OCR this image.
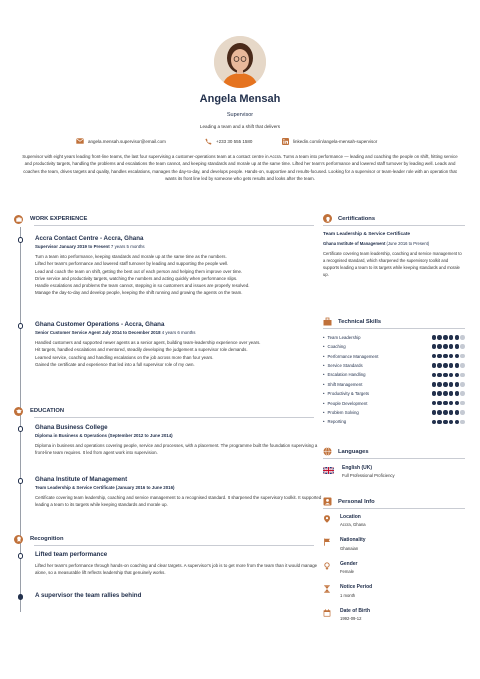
Angela Mensah
Supervisor
Leading a team and a shift that delivers
angela.mensah.supervisor@email.com	+233 30 555 1580	linkedin.com/in/angela-mensah-supervisor
Supervisor with eight years leading front-line teams, the last four supervising a customer-operations team at a contact centre in Accra. Turns a team into performance — leading and coaching the people on shift, hitting service and productivity targets, handling the problems and escalations the team cannot, and keeping standards and morale up at the same time. Lifted her team's performance and lowered staff turnover by leading well. Leads and coaches the team, drives targets and quality, handles escalations, manages the day-to-day, and develops people. Hands-on, supportive and results-focused. Looking for a supervisor or team-leader role with an operation that wants its front line led by someone who gets results and looks after the team.
WORK EXPERIENCE
Accra Contact Centre - Accra, Ghana
Supervisor January 2019 to Present 7 years 5 months
Turn a team into performance, keeping standards and morale up at the same time as the numbers.
Lifted her team's performance and lowered staff turnover by leading and supporting the people well.
Lead and coach the team on shift, getting the best out of each person and helping them improve over time.
Drive service and productivity targets, watching the numbers and acting quickly when performance slips.
Handle escalations and problems the team cannot, stepping in so customers and issues are properly resolved.
Manage the day-to-day and develop people, keeping the shift running and growing the agents on the team.
Ghana Customer Operations - Accra, Ghana
Senior Customer Service Agent July 2014 to December 2018 4 years 6 months
Handled customers and supported newer agents as a senior agent, building team-leadership experience over years.
Hit targets, handled escalations and mentored, steadily developing the judgement a supervisor role demands.
Learned service, coaching and handling escalations on the job across more than four years.
Gained the certificate and experience that led into a full supervisor role of my own.
EDUCATION
Ghana Business College
Diploma in Business & Operations (September 2012 to June 2014)
Diploma in business and operations covering people, service and processes, with a placement. The programme built the foundation supervising a front-line team requires. It led from agent work into supervision.
Ghana Institute of Management
Team Leadership & Service Certificate (January 2016 to June 2016)
Certificate covering team leadership, coaching and service management to a recognised standard. It sharpened the supervisory toolkit. It supported leading a team to its targets while keeping standards and morale up.
Recognition
Lifted team performance
Lifted her team's performance through hands-on coaching and clear targets. A supervisor's job is to get more from the team than it would manage alone, so a measurable lift reflects leadership that genuinely works.
A supervisor the team rallies behind
Certifications
Team Leadership & Service Certificate
Ghana Institute of Management (June 2016 to Present)
Certificate covering team leadership, coaching and service management to a recognised standard, which sharpened the supervisory toolkit and supports leading a team to its targets while keeping standards and morale up.
Technical Skills
• Team Leadership
• Coaching
• Performance Management
• Service Standards
• Escalation Handling
• Shift Management
• Productivity & Targets
• People Development
• Problem Solving
• Reporting
Languages
English (UK)
Full Professional Proficiency
Personal Info
Location
Accra, Ghana
Nationality
Ghanaian
Gender
Female
Notice Period
1 month
Date of Birth
1992-09-12
